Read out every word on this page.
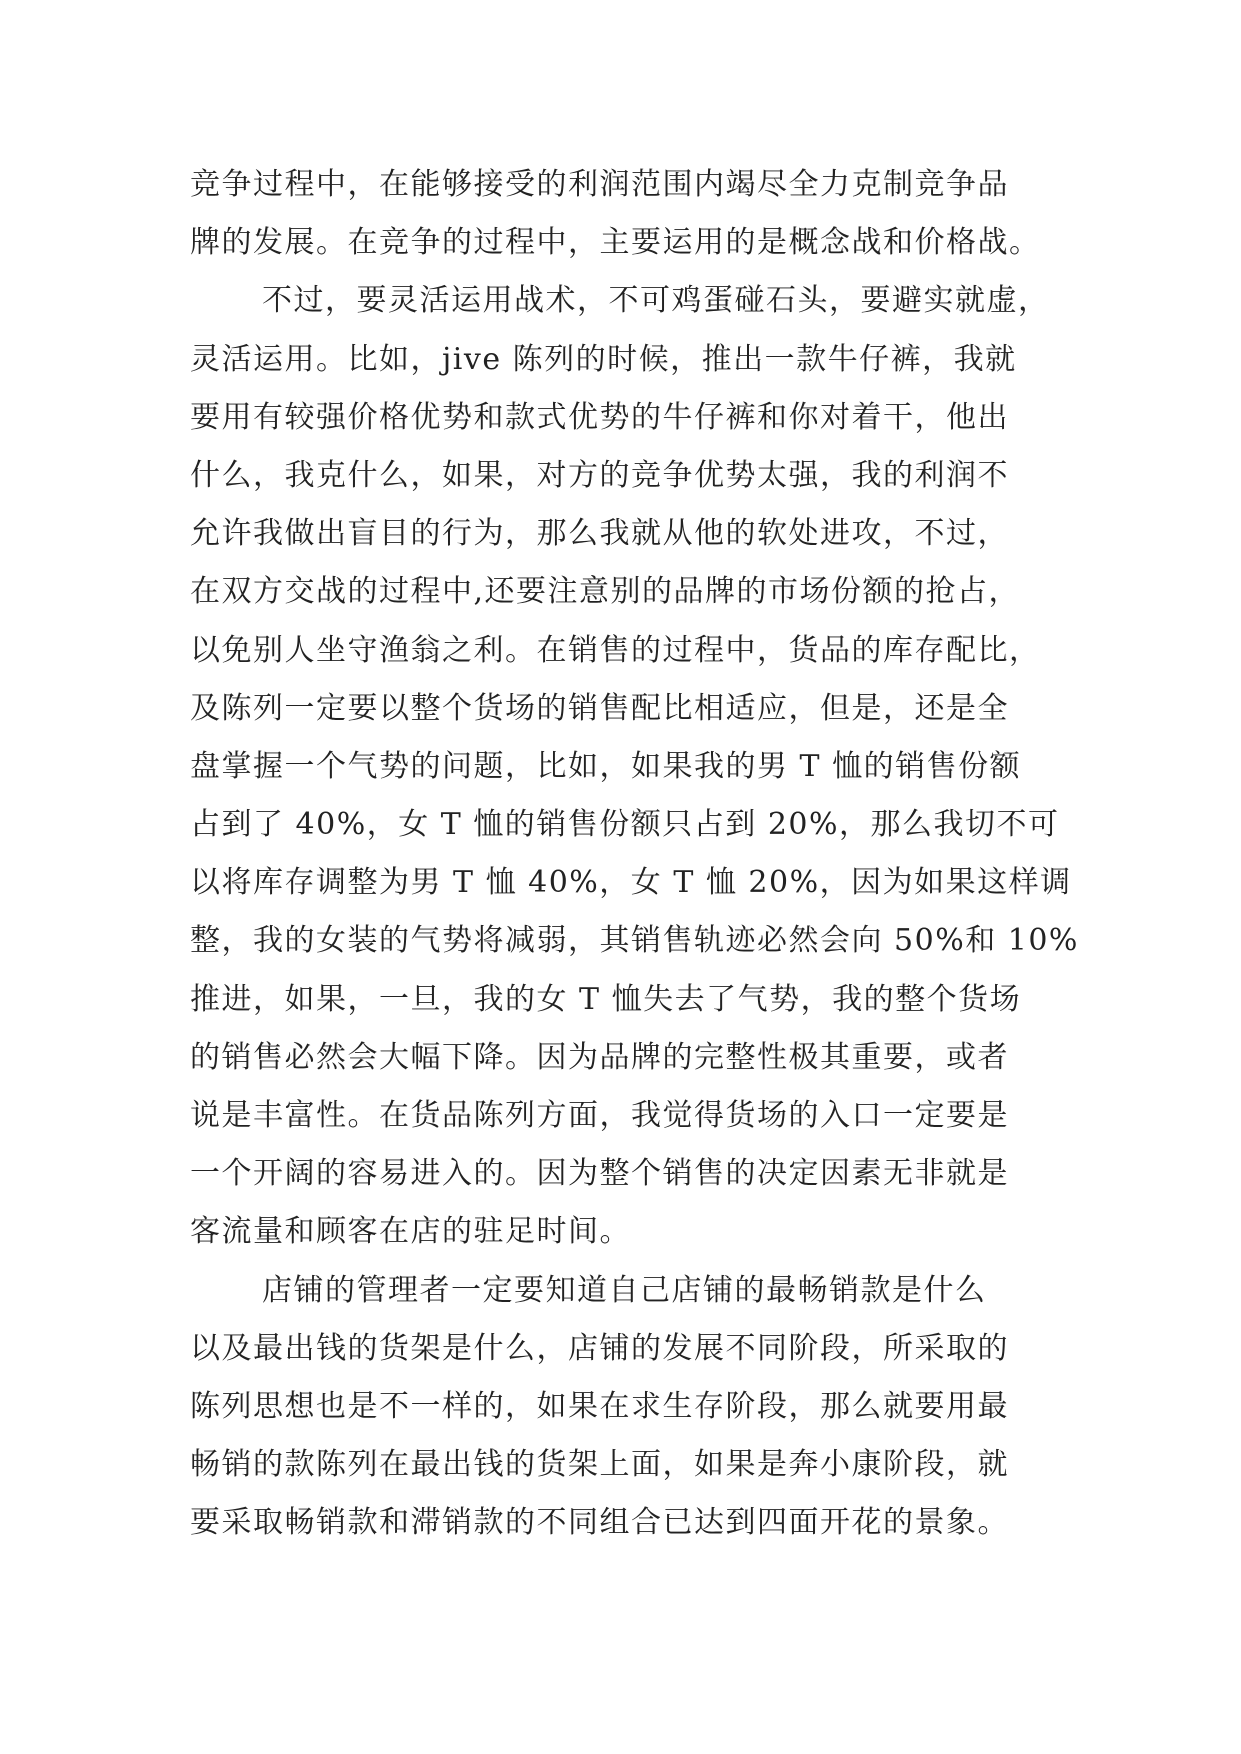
竞争过程中，在能够接受的利润范围内竭尽全力克制竞争品
牌的发展。在竞争的过程中，主要运用的是概念战和价格战。
不过，要灵活运用战术，不可鸡蛋碰石头，要避实就虚，
灵活运用。比如，jive 陈列的时候，推出一款牛仔裤，我就
要用有较强价格优势和款式优势的牛仔裤和你对着干，他出
什么，我克什么，如果，对方的竞争优势太强，我的利润不
允许我做出盲目的行为，那么我就从他的软处进攻，不过，
在双方交战的过程中,还要注意别的品牌的市场份额的抢占，
以免别人坐守渔翁之利。在销售的过程中，货品的库存配比，
及陈列一定要以整个货场的销售配比相适应，但是，还是全
盘掌握一个气势的问题，比如，如果我的男 T 恤的销售份额
占到了 40%，女 T 恤的销售份额只占到 20%，那么我切不可
以将库存调整为男 T 恤 40%，女 T 恤 20%，因为如果这样调
整，我的女装的气势将减弱，其销售轨迹必然会向 50%和 10%
推进，如果，一旦，我的女 T 恤失去了气势，我的整个货场
的销售必然会大幅下降。因为品牌的完整性极其重要，或者
说是丰富性。在货品陈列方面，我觉得货场的入口一定要是
一个开阔的容易进入的。因为整个销售的决定因素无非就是
客流量和顾客在店的驻足时间。
店铺的管理者一定要知道自己店铺的最畅销款是什么
以及最出钱的货架是什么，店铺的发展不同阶段，所采取的
陈列思想也是不一样的，如果在求生存阶段，那么就要用最
畅销的款陈列在最出钱的货架上面，如果是奔小康阶段，就
要采取畅销款和滞销款的不同组合已达到四面开花的景象。
